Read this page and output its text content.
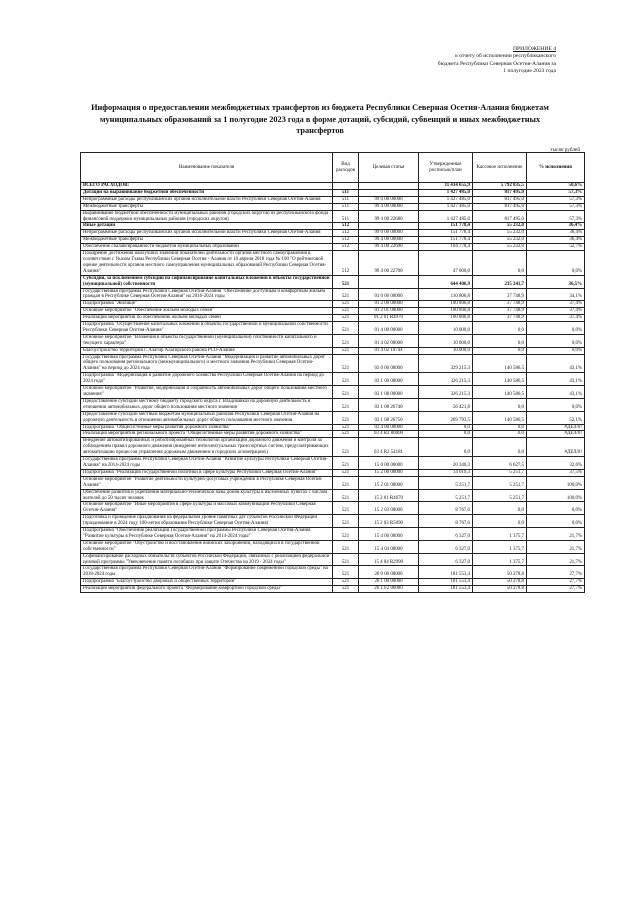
ПРИЛОЖЕНИЕ 4
к отчету об исполнении республиканского
бюджета Республики Северная Осетия-Алания за
1 полугодие 2023 года
Информация о предоставлении межбюджетных трансфертов из бюджета Республики Северная Осетия-Алания бюджетам муниципальных образований за 1 полугодие 2023 года в форме дотаций, субсидий, субвенций и иных межбюджетных трансфертов
тысяч рублей
Наименование показателя	Вид расходов	Целевая статья	Утвержденные росписью/план	Кассовое исполнение	% исполнения
ВСЕГО РАСХОДОВ:			11 434 655,9	5 792 835,5	50,6%
Дотации на выравнивание бюджетной обеспеченности	511		1 427 485,0	817 495,0	57,3%
Непрограммные расходы республиканских органов исполнительной власти Республики Северная Осетия-Алания	511	99 0 00 00000	1 427 485,0	817 495,0	57,3%
Межбюджетные трансферты	511	99 4 00 00000	1 427 485,0	817 495,0	57,3%
Выравнивание бюджетной обеспеченности муниципальных районов (городских округов) из республиканского фонда финансовой поддержки муниципальных районов (городских округов)	511	99 4 00 22680	1 427 485,0	817 495,0	57,3%
Иные дотации	512		151 778,4	55 232,0	36,4%
Непрограммные расходы республиканских органов исполнительной власти Республики Северная Осетия-Алания	512	99 0 00 00000	151 778,4	55 232,0	36,4%
Межбюджетные трансферты	512	99 4 00 00000	151 778,4	55 232,0	36,4%
Обеспечение сбалансированности бюджетов муниципальных образований	512	99 4 00 22690	104 778,4	55 232,0	52,7%
Поощрение достижения наилучших значений показателей деятельности органов местного самоуправления в соответствии с Указом Главы Республики Северная Осетия - Алания от 10 апреля 2018 года № 100 "О рейтинговой оценке деятельности органов местного самоуправления муниципальных образований Республики Северная Осетия-Алания"	512	99 4 00 22700	47 000,0	0,0	0,0%
Субсидии, за исключением субсидий на софинансирование капитальных вложений в объекты государственной (муниципальной) собственности	521		644 406,9	235 241,7	36,5%
Государственная программа Республики Северная Осетия-Алания "Обеспечение доступным и комфортным жильем граждан в Республике Северная Осетия-Алания" на 2016-2024 годы	521	01 0 00 00000	110 806,8	37 748,9	34,1%
Подпрограмма "Жилище"	521	01 2 00 00000	100 806,8	37 748,9	37,4%
Основное мероприятие "Обеспечение жильем молодых семей"	521	01 2 01 00000	100 806,8	37 748,9	37,4%
Реализация мероприятий по обеспечению жильем молодых семей	521	01 2 01 R4970	100 806,8	37 748,9	37,4%
Подпрограмма "Осуществление капитальных вложений в объекты государственной и муниципальной собственности Республики Северная Осетия-Алания"	521	01 4 00 00000	10 000,0	0,0	0,0%
Основное мероприятие "Вложения в объекты государственной (муниципальной) собственности капитального и текущего характера"	521	01 4 02 00000	10 000,0	0,0	0,0%
Благоустройство территории г. Алагир Алагирского района РСО-Алания	521	01 4 02 10744	10 000,0	0,0	0,0%
Государственная программа Республики Северная Осетия-Алания "Модернизация и развитие автомобильных дорог общего пользования регионального (межмуниципального) и местного значения Республики Северная Осетия-Алания" на период до 2024 года	521	03 0 00 00000	329 215,3	140 586,5	43,1%
Подпрограмма "Модернизация и развитие дорожного хозяйства Республики Северная Осетия-Алания на период до 2024 года"	521	03 1 00 00000	326 215,3	140 586,5	43,1%
Основное мероприятие "Развитие, модернизация и сохранность автомобильных дорог общего пользования местного значения"	521	03 1 08 00000	326 215,3	140 586,5	43,1%
Предоставление субсидии местному бюджету городского округа г. Владикавказ на дорожную деятельность в отношении автомобильных дорог общего пользования местного значения	521	03 1 08 26740	56 421,8	0,0	0,0%
Предоставление субсидий местным бюджетам муниципальных районов Республики Северная Осетия-Алания на дорожную деятельность в отношении автомобильных дорог общего пользования местного значения	521	03 1 08 26750	269 793,5	140 586,5	52,1%
Подпрограмма "Общесистемные меры развития дорожного хозяйства"	521	03 4 00 00000	0,0	0,0	#ДЕЛ/0!
Реализация мероприятий регионального проекта "Общесистемные меры развития дорожного хозяйства"	521	03 4 R2 00000	0,0	0,0	#ДЕЛ/0!
Внедрение автоматизированных и роботизированных технологий организации дорожного движения и контроля за соблюдением правил дорожного движения (внедрение интеллектуальных транспортных систем, предусматривающих автоматизацию процессов управления дорожным движением в городских агломерациях)	521	03 4 R2 54181	0,0	0,0	#ДЕЛ/0!
Государственная программа Республики Северная Осетия-Алания "Развитие культуры Республики Северная Осетия-Алания" на 2014-2024 годы	521	15 0 00 00000	20 346,3	6 627,5	32,6%
Подпрограмма "Реализация государственной политики в сфере культуры Республики Северная Осетия-Алания"	521	15 2 00 00000	14 019,3	5 251,7	37,5%
Основное мероприятие "Развитие деятельности культурно-досуговых учреждений в Республике Северная Осетия-Алания"	521	15 2 01 00000	5 251,7	5 251,7	100,0%
Обеспечение развития и укрепления материально-технической базы домов культуры в населенных пунктах с числом жителей до 50 тысяч человек	521	15 2 01 R4670	5 251,7	5 251,7	100,0%
Основное мероприятие "Иные мероприятия в сфере культуры и массовых коммуникаций Республики Северная Осетия-Алания"	521	15 2 03 00000	8 767,6	0,0	0,0%
Подготовка и проведение празднования на федеральном уровне памятных дат субъектов Российской Федерации (празднование в 2024 году 100-летия образования Республики Северная Осетия-Алания)	521	15 2 03 R5090	8 767,6	0,0	0,0%
Подпрограмма "Обеспечение реализации Государственной программы Республики Северная Осетия-Алания "Развитие культуры в Республике Северная Осетия-Алания" на 2014-2024 годы"	521	15 4 00 00000	6 327,0	1 375,7	21,7%
Основное мероприятие "Обустройство и восстановление воинских захоронений, находящихся в государственной собственности"	521	15 4 04 00000	6 327,0	1 375,7	21,7%
Софинансирование расходных обязательств субъектов Российской Федерации, связанных с реализацией федеральной целевой программы "Увековечение памяти погибших при защите Отечества на 2019 - 2024 годы"	521	15 4 04 R2990	6 327,0	1 375,7	21,7%
Государственная программа Республики Северная Осетия-Алания "Формирование современной городской среды" на 2018-2024 годы	521	26 0 00 00000	181 553,4	50 278,8	27,7%
Подпрограмма "Благоустройство дворовых и общественных территорий"	521	26 1 00 00000	181 553,4	50 278,8	27,7%
Реализация мероприятий федерального проекта "Формирование комфортной городской среды"	521	26 1 F2 00000	181 553,4	50 278,8	27,7%
